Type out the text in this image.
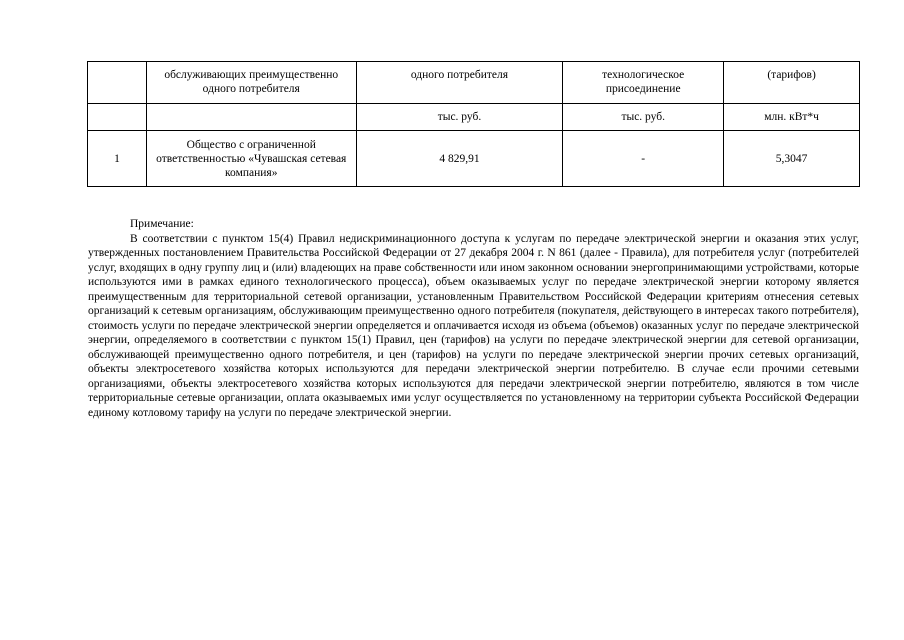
	обслуживающих преимущественно одного потребителя	одного потребителя	технологическое присоединение	(тарифов)
		тыс. руб.	тыс. руб.	млн. кВт*ч
1	Общество с ограниченной ответственностью «Чувашская сетевая компания»	4 829,91	-	5,3047

Примечание:

В соответствии с пунктом 15(4) Правил недискриминационного доступа к услугам по передаче электрической энергии и оказания этих услуг, утвержденных постановлением Правительства Российской Федерации от 27 декабря 2004 г. N 861 (далее - Правила), для потребителя услуг (потребителей услуг, входящих в одну группу лиц и (или) владеющих на праве собственности или ином законном основании энергопринимающими устройствами, которые используются ими в рамках единого технологического процесса), объем оказываемых услуг по передаче электрической энергии которому является преимущественным для территориальной сетевой организации, установленным Правительством Российской Федерации критериям отнесения сетевых организаций к сетевым организациям, обслуживающим преимущественно одного потребителя (покупателя, действующего в интересах такого потребителя), стоимость услуги по передаче электрической энергии определяется и оплачивается исходя из объема (объемов) оказанных услуг по передаче электрической энергии, определяемого в соответствии с пунктом 15(1) Правил, цен (тарифов) на услуги по передаче электрической энергии для сетевой организации, обслуживающей преимущественно одного потребителя, и цен (тарифов) на услуги по передаче электрической энергии прочих сетевых организаций, объекты электросетевого хозяйства которых используются для передачи электрической энергии потребителю. В случае если прочими сетевыми организациями, объекты электросетевого хозяйства которых используются для передачи электрической энергии потребителю, являются в том числе территориальные сетевые организации, оплата оказываемых ими услуг осуществляется по установленному на территории субъекта Российской Федерации единому котловому тарифу на услуги по передаче электрической энергии.
